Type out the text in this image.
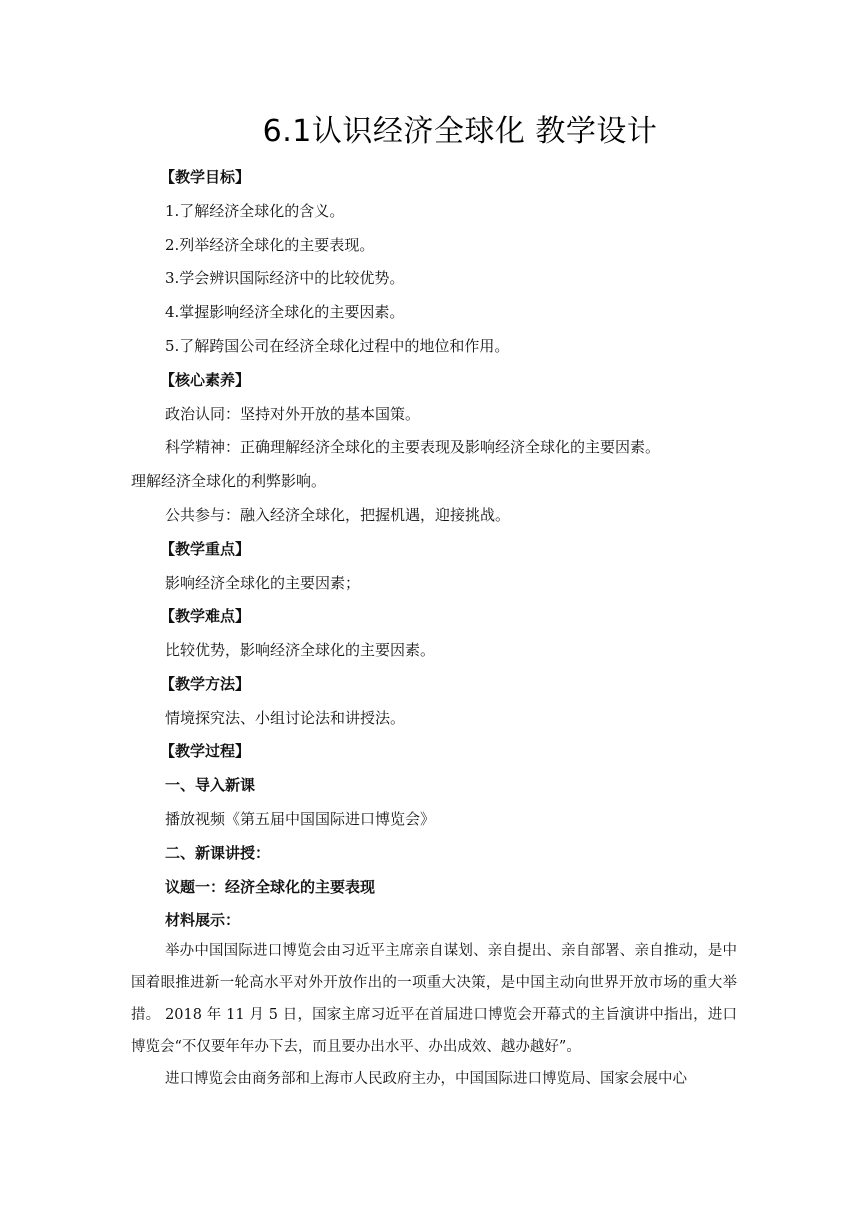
6.1认识经济全球化 教学设计
【教学目标】
1.了解经济全球化的含义。
2.列举经济全球化的主要表现。
3.学会辨识国际经济中的比较优势。
4.掌握影响经济全球化的主要因素。
5.了解跨国公司在经济全球化过程中的地位和作用。
【核心素养】
政治认同：坚持对外开放的基本国策。
科学精神：正确理解经济全球化的主要表现及影响经济全球化的主要因素。
理解经济全球化的利弊影响。
公共参与：融入经济全球化，把握机遇，迎接挑战。
【教学重点】
影响经济全球化的主要因素；
【教学难点】
比较优势，影响经济全球化的主要因素。
【教学方法】
情境探究法、小组讨论法和讲授法。
【教学过程】
一、导入新课
播放视频《第五届中国国际进口博览会》
二、新课讲授：
议题一：经济全球化的主要表现
材料展示：
举办中国国际进口博览会由习近平主席亲自谋划、亲自提出、亲自部署、亲自推动，是中国着眼推进新一轮高水平对外开放作出的一项重大决策，是中国主动向世界开放市场的重大举措。 2018 年 11 月 5 日，国家主席习近平在首届进口博览会开幕式的主旨演讲中指出，进口博览会“不仅要年年办下去，而且要办出水平、办出成效、越办越好”。
进口博览会由商务部和上海市人民政府主办，中国国际进口博览局、国家会展中心
